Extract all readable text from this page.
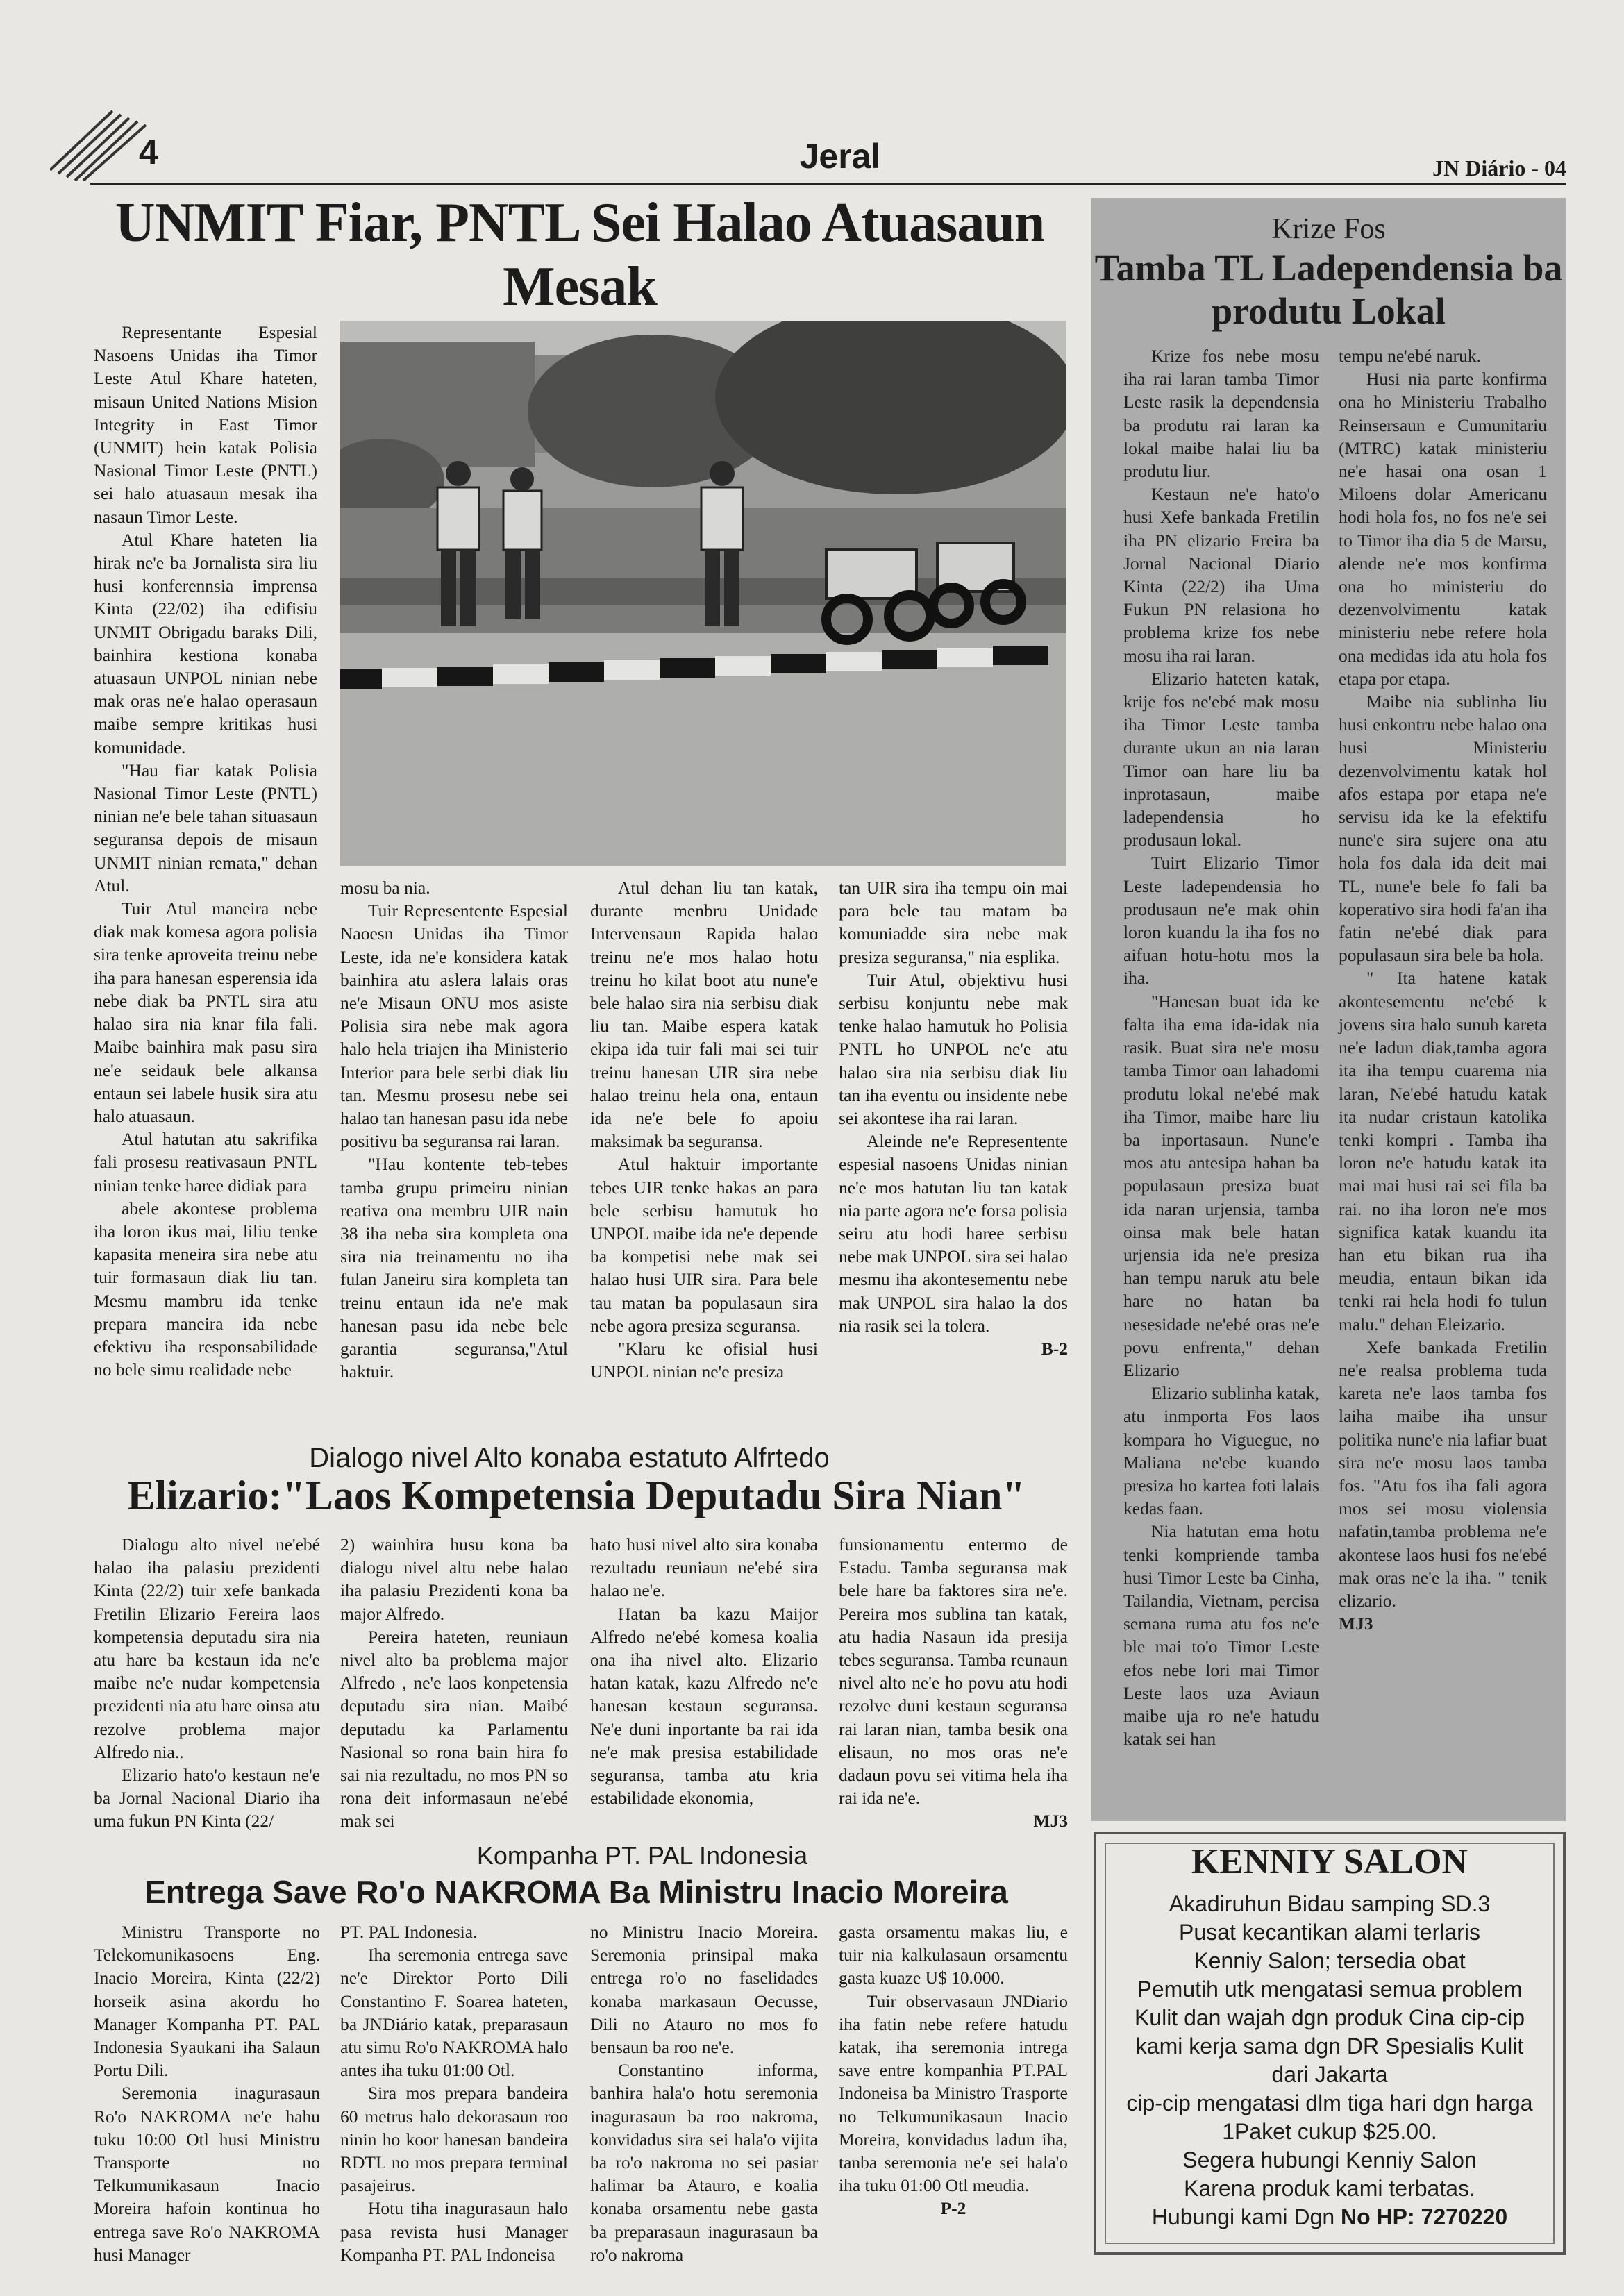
4	Jeral	JN Diário - 04
UNMIT Fiar, PNTL Sei Halao Atuasaun Mesak

Representante Espesial Nasoens Unidas iha Timor Leste Atul Khare hateten, misaun United Nations Mision Integrity in East Timor (UNMIT) hein katak Polisia Nasional Timor Leste (PNTL) sei halo atuasaun mesak iha nasaun Timor Leste.

Atul Khare hateten lia hirak ne'e ba Jornalista sira liu husi konferennsia imprensa Kinta (22/02) iha edifisiu UNMIT Obrigadu baraks Dili, bainhira kestiona konaba atuasaun UNPOL ninian nebe mak oras ne'e halao operasaun maibe sempre kritikas husi komunidade.

"Hau fiar katak Polisia Nasional Timor Leste (PNTL) ninian ne'e bele tahan situasaun seguransa depois de misaun UNMIT ninian remata," dehan Atul.

Tuir Atul maneira nebe diak mak komesa agora polisia sira tenke aproveita treinu nebe iha para hanesan esperensia ida nebe diak ba PNTL sira atu halao sira nia knar fila fali. Maibe bainhira mak pasu sira ne'e seidauk bele alkansa entaun sei labele husik sira atu halo atuasaun.

Atul hatutan atu sakrifika fali prosesu reativasaun PNTL ninian tenke haree didiak para

abele akontese problema iha loron ikus mai, liliu tenke kapasita meneira sira nebe atu tuir formasaun diak liu tan. Mesmu mambru ida tenke prepara maneira ida nebe efektivu iha responsabilidade no bele simu realidade nebe

mosu ba nia.

Tuir Representente Espesial Naoesn Unidas iha Timor Leste, ida ne'e konsidera katak bainhira atu aslera lalais oras ne'e Misaun ONU mos asiste Polisia sira nebe mak agora halo hela triajen iha Ministerio Interior para bele serbi diak liu tan. Mesmu prosesu nebe sei halao tan hanesan pasu ida nebe positivu ba seguransa rai laran.

"Hau kontente teb-tebes tamba grupu primeiru ninian reativa ona membru UIR nain 38 iha neba sira kompleta ona sira nia treinamentu no iha fulan Janeiru sira kompleta tan treinu entaun ida ne'e mak hanesan pasu ida nebe bele garantia seguransa,"Atul haktuir.

Atul dehan liu tan katak, durante menbru Unidade Intervensaun Rapida halao treinu ne'e mos halao hotu treinu ho kilat boot atu nune'e bele halao sira nia serbisu diak liu tan. Maibe espera katak ekipa ida tuir fali mai sei tuir treinu hanesan UIR sira nebe halao treinu hela ona, entaun ida ne'e bele fo apoiu maksimak ba seguransa.

Atul haktuir importante tebes UIR tenke hakas an para bele serbisu hamutuk ho UNPOL maibe ida ne'e depende ba kompetisi nebe mak sei halao husi UIR sira. Para bele tau matan ba populasaun sira nebe agora presiza seguransa.

"Klaru ke ofisial husi UNPOL ninian ne'e presiza

tan UIR sira iha tempu oin mai para bele tau matam ba komuniadde sira nebe mak presiza seguransa," nia esplika.

Tuir Atul, objektivu husi serbisu konjuntu nebe mak tenke halao hamutuk ho Polisia PNTL ho UNPOL ne'e atu halao sira nia serbisu diak liu tan iha eventu ou insidente nebe sei akontese iha rai laran.

Aleinde ne'e Representente espesial nasoens Unidas ninian ne'e mos hatutan liu tan katak nia parte agora ne'e forsa polisia seiru atu hodi haree serbisu nebe mak UNPOL sira sei halao mesmu iha akontesementu nebe mak UNPOL sira halao la dos nia rasik sei la tolera.

B-2

Krize Fos
Tamba TL Ladependensia ba produtu Lokal

Krize fos nebe mosu iha rai laran tamba Timor Leste rasik la dependensia ba produtu rai laran ka lokal maibe halai liu ba produtu liur.

Kestaun ne'e hato'o husi Xefe bankada Fretilin iha PN elizario Freira ba Jornal Nacional Diario Kinta (22/2) iha Uma Fukun PN relasiona ho problema krize fos nebe mosu iha rai laran.

Elizario hateten katak, krije fos ne'ebé mak mosu iha Timor Leste tamba durante ukun an nia laran Timor oan hare liu ba inprotasaun, maibe ladependensia ho produsaun lokal.

Tuirt Elizario Timor Leste ladependensia ho produsaun ne'e mak ohin loron kuandu la iha fos no aifuan hotu-hotu mos la iha.

"Hanesan buat ida ke falta iha ema ida-idak nia rasik. Buat sira ne'e mosu tamba Timor oan lahadomi produtu lokal ne'ebé mak iha Timor, maibe hare liu ba inportasaun. Nune'e mos atu antesipa hahan ba populasaun presiza buat ida naran urjensia, tamba oinsa mak bele hatan urjensia ida ne'e presiza han tempu naruk atu bele hare no hatan ba nesesidade ne'ebé oras ne'e povu enfrenta," dehan Elizario

Elizario sublinha katak, atu inmporta Fos laos kompara ho Viguegue, no Maliana ne'ebe kuando presiza ho kartea foti lalais kedas faan.

Nia hatutan ema hotu tenki kompriende tamba husi Timor Leste ba Cinha, Tailandia, Vietnam, percisa semana ruma atu fos ne'e ble mai to'o Timor Leste efos nebe lori mai Timor Leste laos uza Aviaun maibe uja ro ne'e hatudu katak sei han

tempu ne'ebé naruk.

Husi nia parte konfirma ona ho Ministeriu Trabalho Reinsersaun e Cumunitariu (MTRC) katak ministeriu ne'e hasai ona osan 1 Miloens dolar Americanu hodi hola fos, no fos ne'e sei to Timor iha dia 5 de Marsu, alende ne'e mos konfirma ona ho ministeriu do dezenvolvimentu katak ministeriu nebe refere hola ona medidas ida atu hola fos etapa por etapa.

Maibe nia sublinha liu husi enkontru nebe halao ona husi Ministeriu dezenvolvimentu katak hol afos estapa por etapa ne'e servisu ida ke la efektifu nune'e sira sujere ona atu hola fos dala ida deit mai TL, nune'e bele fo fali ba koperativo sira hodi fa'an iha fatin ne'ebé diak para populasaun sira bele ba hola.

" Ita hatene katak akontesementu ne'ebé k jovens sira halo sunuh kareta ne'e ladun diak,tamba agora ita iha tempu cuarema nia laran, Ne'ebé hatudu katak ita nudar cristaun katolika tenki kompri . Tamba iha loron ne'e hatudu katak ita mai mai husi rai sei fila ba rai. no iha loron ne'e mos significa katak kuandu ita han etu bikan rua iha meudia, entaun bikan ida tenki rai hela hodi fo tulun malu." dehan Eleizario.

Xefe bankada Fretilin ne'e realsa problema tuda kareta ne'e laos tamba fos laiha maibe iha unsur politika nune'e nia lafiar buat sira ne'e mosu laos tamba fos. "Atu fos iha fali agora mos sei mosu violensia nafatin,tamba problema ne'e akontese laos husi fos ne'ebé mak oras ne'e la iha. " tenik elizario.

MJ3

Dialogo nivel Alto konaba estatuto Alfrtedo
Elizario:"Laos Kompetensia Deputadu Sira Nian"

Dialogu alto nivel ne'ebé halao iha palasiu prezidenti Kinta (22/2) tuir xefe bankada Fretilin Elizario Fereira laos kompetensia deputadu sira nia atu hare ba kestaun ida ne'e maibe ne'e nudar kompetensia prezidenti nia atu hare oinsa atu rezolve problema major Alfredo nia..

Elizario hato'o kestaun ne'e ba Jornal Nacional Diario iha uma fukun PN Kinta (22/

2) wainhira husu kona ba dialogu nivel altu nebe halao iha palasiu Prezidenti kona ba major Alfredo.

Pereira hateten, reuniaun nivel alto ba problema major Alfredo , ne'e laos konpetensia deputadu sira nian. Maibé deputadu ka Parlamentu Nasional so rona bain hira fo sai nia rezultadu, no mos PN so rona deit informasaun ne'ebé mak sei

hato husi nivel alto sira konaba rezultadu reuniaun ne'ebé sira halao ne'e.

Hatan ba kazu Maijor Alfredo ne'ebé komesa koalia ona iha nivel alto. Elizario hatan katak, kazu Alfredo ne'e hanesan kestaun seguransa. Ne'e duni inportante ba rai ida ne'e mak presisa estabilidade seguransa, tamba atu kria estabilidade ekonomia,

funsionamentu entermo de Estadu. Tamba seguransa mak bele hare ba faktores sira ne'e. Pereira mos sublina tan katak, atu hadia Nasaun ida presija tebes seguransa. Tamba reunaun nivel alto ne'e ho povu atu hodi rezolve duni kestaun seguransa rai laran nian, tamba besik ona elisaun, no mos oras ne'e dadaun povu sei vitima hela iha rai ida ne'e.

MJ3

Kompanha PT. PAL Indonesia
Entrega Save Ro'o NAKROMA Ba Ministru Inacio Moreira

Ministru Transporte no Telekomunikasoens Eng. Inacio Moreira, Kinta (22/2) horseik asina akordu ho Manager Kompanha PT. PAL Indonesia Syaukani iha Salaun Portu Dili.

Seremonia inagurasaun Ro'o NAKROMA ne'e hahu tuku 10:00 Otl husi Ministru Transporte no Telkumunikasaun Inacio Moreira hafoin kontinua ho entrega save Ro'o NAKROMA husi Manager

PT. PAL Indonesia.

Iha seremonia entrega save ne'e Direktor Porto Dili Constantino F. Soarea hateten, ba JNDiário katak, preparasaun atu simu Ro'o NAKROMA halo antes iha tuku 01:00 Otl.

Sira mos prepara bandeira 60 metrus halo dekorasaun roo ninin ho koor hanesan bandeira RDTL no mos prepara terminal pasajeirus.

Hotu tiha inagurasaun halo pasa revista husi Manager Kompanha PT. PAL Indoneisa

no Ministru Inacio Moreira. Seremonia prinsipal maka entrega ro'o no faselidades konaba markasaun Oecusse, Dili no Atauro no mos fo bensaun ba roo ne'e.

Constantino informa, banhira hala'o hotu seremonia inagurasaun ba roo nakroma, konvidadus sira sei hala'o vijita ba ro'o nakroma no sei pasiar halimar ba Atauro, e koalia konaba orsamentu nebe gasta ba preparasaun inagurasaun ba ro'o nakroma

gasta orsamentu makas liu, e tuir nia kalkulasaun orsamentu gasta kuaze U$ 10.000.

Tuir observasaun JNDiario iha fatin nebe refere hatudu katak, iha seremonia intrega save entre kompanhia PT.PAL Indoneisa ba Ministro Trasporte no Telkumunikasaun Inacio Moreira, konvidadus ladun iha, tanba seremonia ne'e sei hala'o iha tuku 01:00 Otl meudia.

P-2

KENNIY SALON
Akadiruhun Bidau samping SD.3
Pusat kecantikan alami terlaris
Kenniy Salon; tersedia obat
Pemutih utk mengatasi semua problem
Kulit dan wajah dgn produk Cina cip-cip
kami kerja sama dgn DR Spesialis Kulit
dari Jakarta
cip-cip mengatasi dlm tiga hari dgn harga
1Paket cukup $25.00.
Segera hubungi Kenniy Salon
Karena produk kami terbatas.
Hubungi kami Dgn No HP: 7270220
